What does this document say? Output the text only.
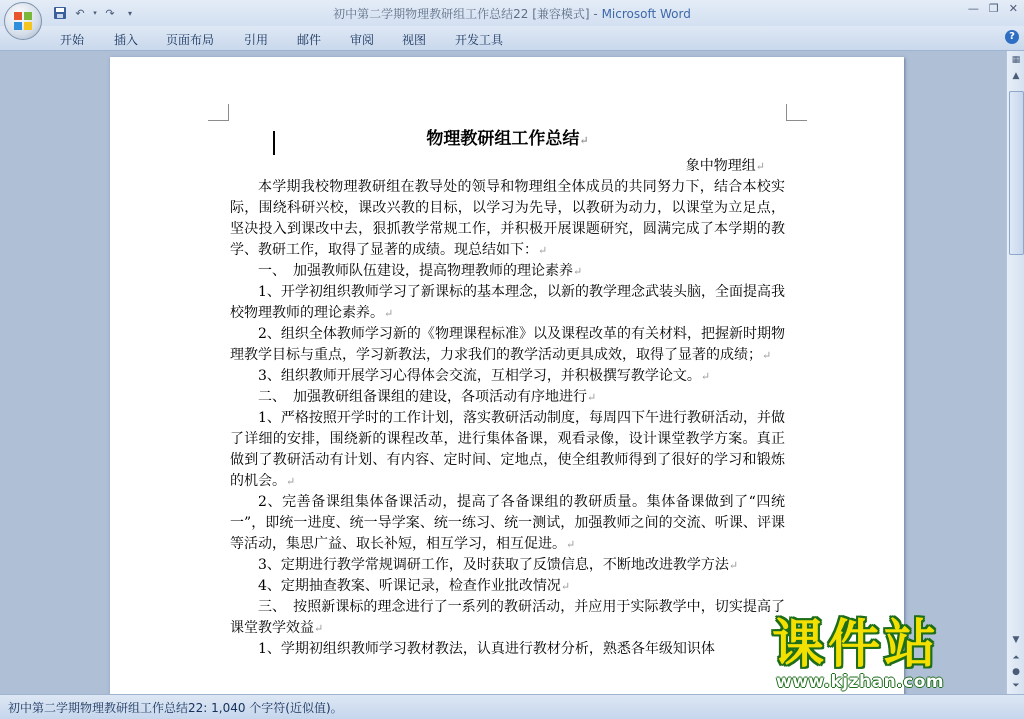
↶	▾ ↷	▾	初中第二学期物理教研组工作总结22 [兼容模式] - Microsoft Word	— ❐ ✕
开始 插入 页面布局 引用 邮件 审阅 视图 开发工具	?

物理教研组工作总结↵

象中物理组↵

本学期我校物理教研组在教导处的领导和物理组全体成员的共同努力下，结合本校实际，围绕科研兴校，课改兴教的目标，以学习为先导，以教研为动力，以课堂为立足点，坚决投入到课改中去，狠抓教学常规工作，并积极开展课题研究，圆满完成了本学期的教学、教研工作，取得了显著的成绩。现总结如下：↵

一、　加强教师队伍建设，提高物理教师的理论素养↵

1、开学初组织教师学习了新课标的基本理念，以新的教学理念武装头脑，全面提高我校物理教师的理论素养。↵

2、组织全体教师学习新的《物理课程标准》以及课程改革的有关材料，把握新时期物理教学目标与重点，学习新教法，力求我们的教学活动更具成效，取得了显著的成绩；↵

3、组织教师开展学习心得体会交流，互相学习，并积极撰写教学论文。↵

二、　加强教研组备课组的建设，各项活动有序地进行↵

1、严格按照开学时的工作计划，落实教研活动制度，每周四下午进行教研活动，并做了详细的安排，围绕新的课程改革，进行集体备课，观看录像，设计课堂教学方案。真正做到了教研活动有计划、有内容、定时间、定地点，使全组教师得到了很好的学习和锻炼的机会。↵

2、完善备课组集体备课活动，提高了各备课组的教研质量。集体备课做到了“四统一”，即统一进度、统一导学案、统一练习、统一测试，加强教师之间的交流、听课、评课等活动，集思广益、取长补短，相互学习，相互促进。↵

3、定期进行教学常规调研工作，及时获取了反馈信息，不断地改进教学方法↵

4、定期抽查教案、听课记录，检查作业批改情况↵

三、　按照新课标的理念进行了一系列的教研活动，并应用于实际教学中，切实提高了课堂教学效益↵

1、学期初组织教师学习教材教法，认真进行教材分析，熟悉各年级知识体

▦
▲
▼
⏶
●
⏷
初中第二学期物理教研组工作总结22: 1,040 个字符(近似值)。
课件站
www.kjzhan.com
